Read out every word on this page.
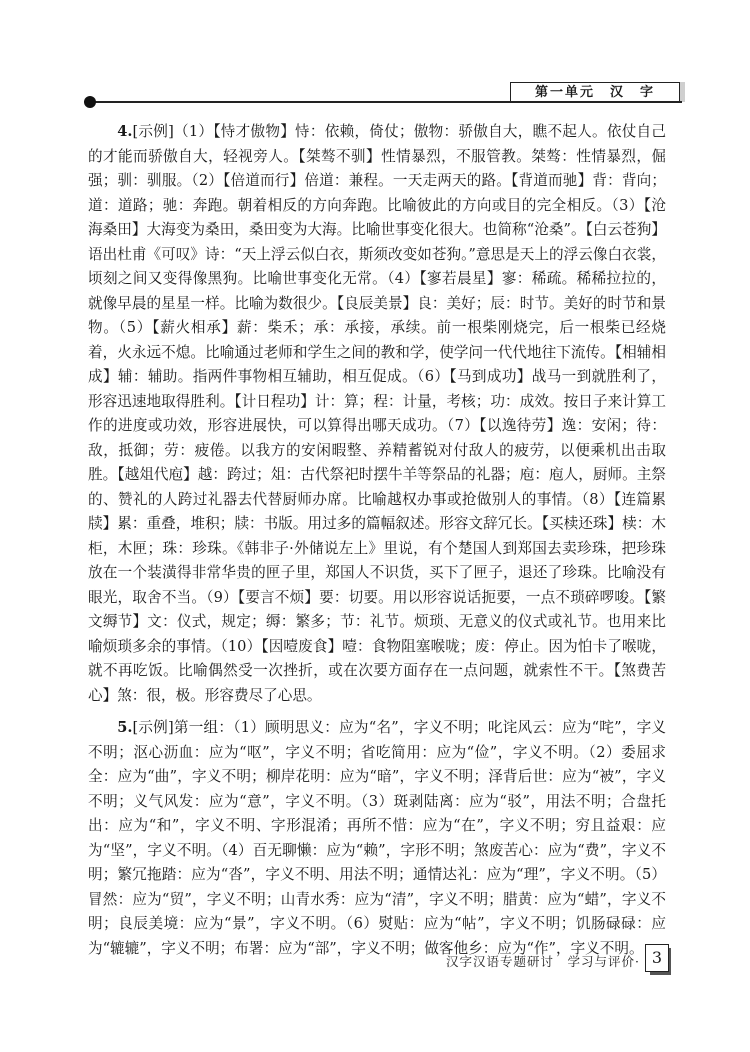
第一单元　汉　字

4.[示例]（1）【恃才傲物】恃：依赖，倚仗；傲物：骄傲自大，瞧不起人。依仗自己的才能而骄傲自大，轻视旁人。【桀骜不驯】性情暴烈，不服管教。桀骜：性情暴烈，倔强；驯：驯服。（2）【倍道而行】倍道：兼程。一天走两天的路。【背道而驰】背：背向；道：道路；驰：奔跑。朝着相反的方向奔跑。比喻彼此的方向或目的完全相反。（3）【沧海桑田】大海变为桑田，桑田变为大海。比喻世事变化很大。也简称“沧桑”。【白云苍狗】语出杜甫《可叹》诗：“天上浮云似白衣，斯须改变如苍狗。”意思是天上的浮云像白衣裳，顷刻之间又变得像黑狗。比喻世事变化无常。（4）【寥若晨星】寥：稀疏。稀稀拉拉的，就像早晨的星星一样。比喻为数很少。【良辰美景】良：美好；辰：时节。美好的时节和景物。（5）【薪火相承】薪：柴禾；承：承接，承续。前一根柴刚烧完，后一根柴已经烧着，火永远不熄。比喻通过老师和学生之间的教和学，使学问一代代地往下流传。【相辅相成】辅：辅助。指两件事物相互辅助，相互促成。（6）【马到成功】战马一到就胜利了，形容迅速地取得胜利。【计日程功】计：算；程：计量，考核；功：成效。按日子来计算工作的进度或功效，形容进展快，可以算得出哪天成功。（7）【以逸待劳】逸：安闲；待：敌，抵御；劳：疲倦。以我方的安闲暇整、养精蓄锐对付敌人的疲劳，以便乘机出击取胜。【越俎代庖】越：跨过；俎：古代祭祀时摆牛羊等祭品的礼器；庖：庖人，厨师。主祭的、赞礼的人跨过礼器去代替厨师办席。比喻越权办事或抢做别人的事情。（8）【连篇累牍】累：重叠，堆积；牍：书版。用过多的篇幅叙述。形容文辞冗长。【买椟还珠】椟：木柜，木匣；珠：珍珠。《韩非子·外储说左上》里说，有个楚国人到郑国去卖珍珠，把珍珠放在一个装潢得非常华贵的匣子里，郑国人不识货，买下了匣子，退还了珍珠。比喻没有眼光，取舍不当。（9）【要言不烦】要：切要。用以形容说话扼要，一点不琐碎啰唆。【繁文缛节】文：仪式，规定；缛：繁多；节：礼节。烦琐、无意义的仪式或礼节。也用来比喻烦琐多余的事情。（10）【因噎废食】噎：食物阻塞喉咙；废：停止。因为怕卡了喉咙，就不再吃饭。比喻偶然受一次挫折，或在次要方面存在一点问题，就索性不干。【煞费苦心】煞：很，极。形容费尽了心思。

5.[示例]第一组：（1）顾明思义：应为“名”，字义不明；叱诧风云：应为“咤”，字义不明；沤心沥血：应为“呕”，字义不明；省吃简用：应为“俭”，字义不明。（2）委屈求全：应为“曲”，字义不明；柳岸花明：应为“暗”，字义不明；泽背后世：应为“被”，字义不明；义气风发：应为“意”，字义不明。（3）斑剥陆离：应为“驳”，用法不明；合盘托出：应为“和”，字义不明、字形混淆；再所不惜：应为“在”，字义不明；穷且益艰：应为“坚”，字义不明。（4）百无聊懒：应为“赖”，字形不明；煞废苦心：应为“费”，字义不明；繁冗拖踏：应为“沓”，字义不明、用法不明；通情达礼：应为“理”，字义不明。（5）冒然：应为“贸”，字义不明；山青水秀：应为“清”，字义不明；腊黄：应为“蜡”，字义不明；良辰美境：应为“景”，字义不明。（6）熨贴：应为“帖”，字义不明；饥肠碌碌：应为“辘辘”，字义不明；布署：应为“部”，字义不明；做客他乡：应为“作”，字义不明。

汉字汉语专题研讨　学习与评价· 3
